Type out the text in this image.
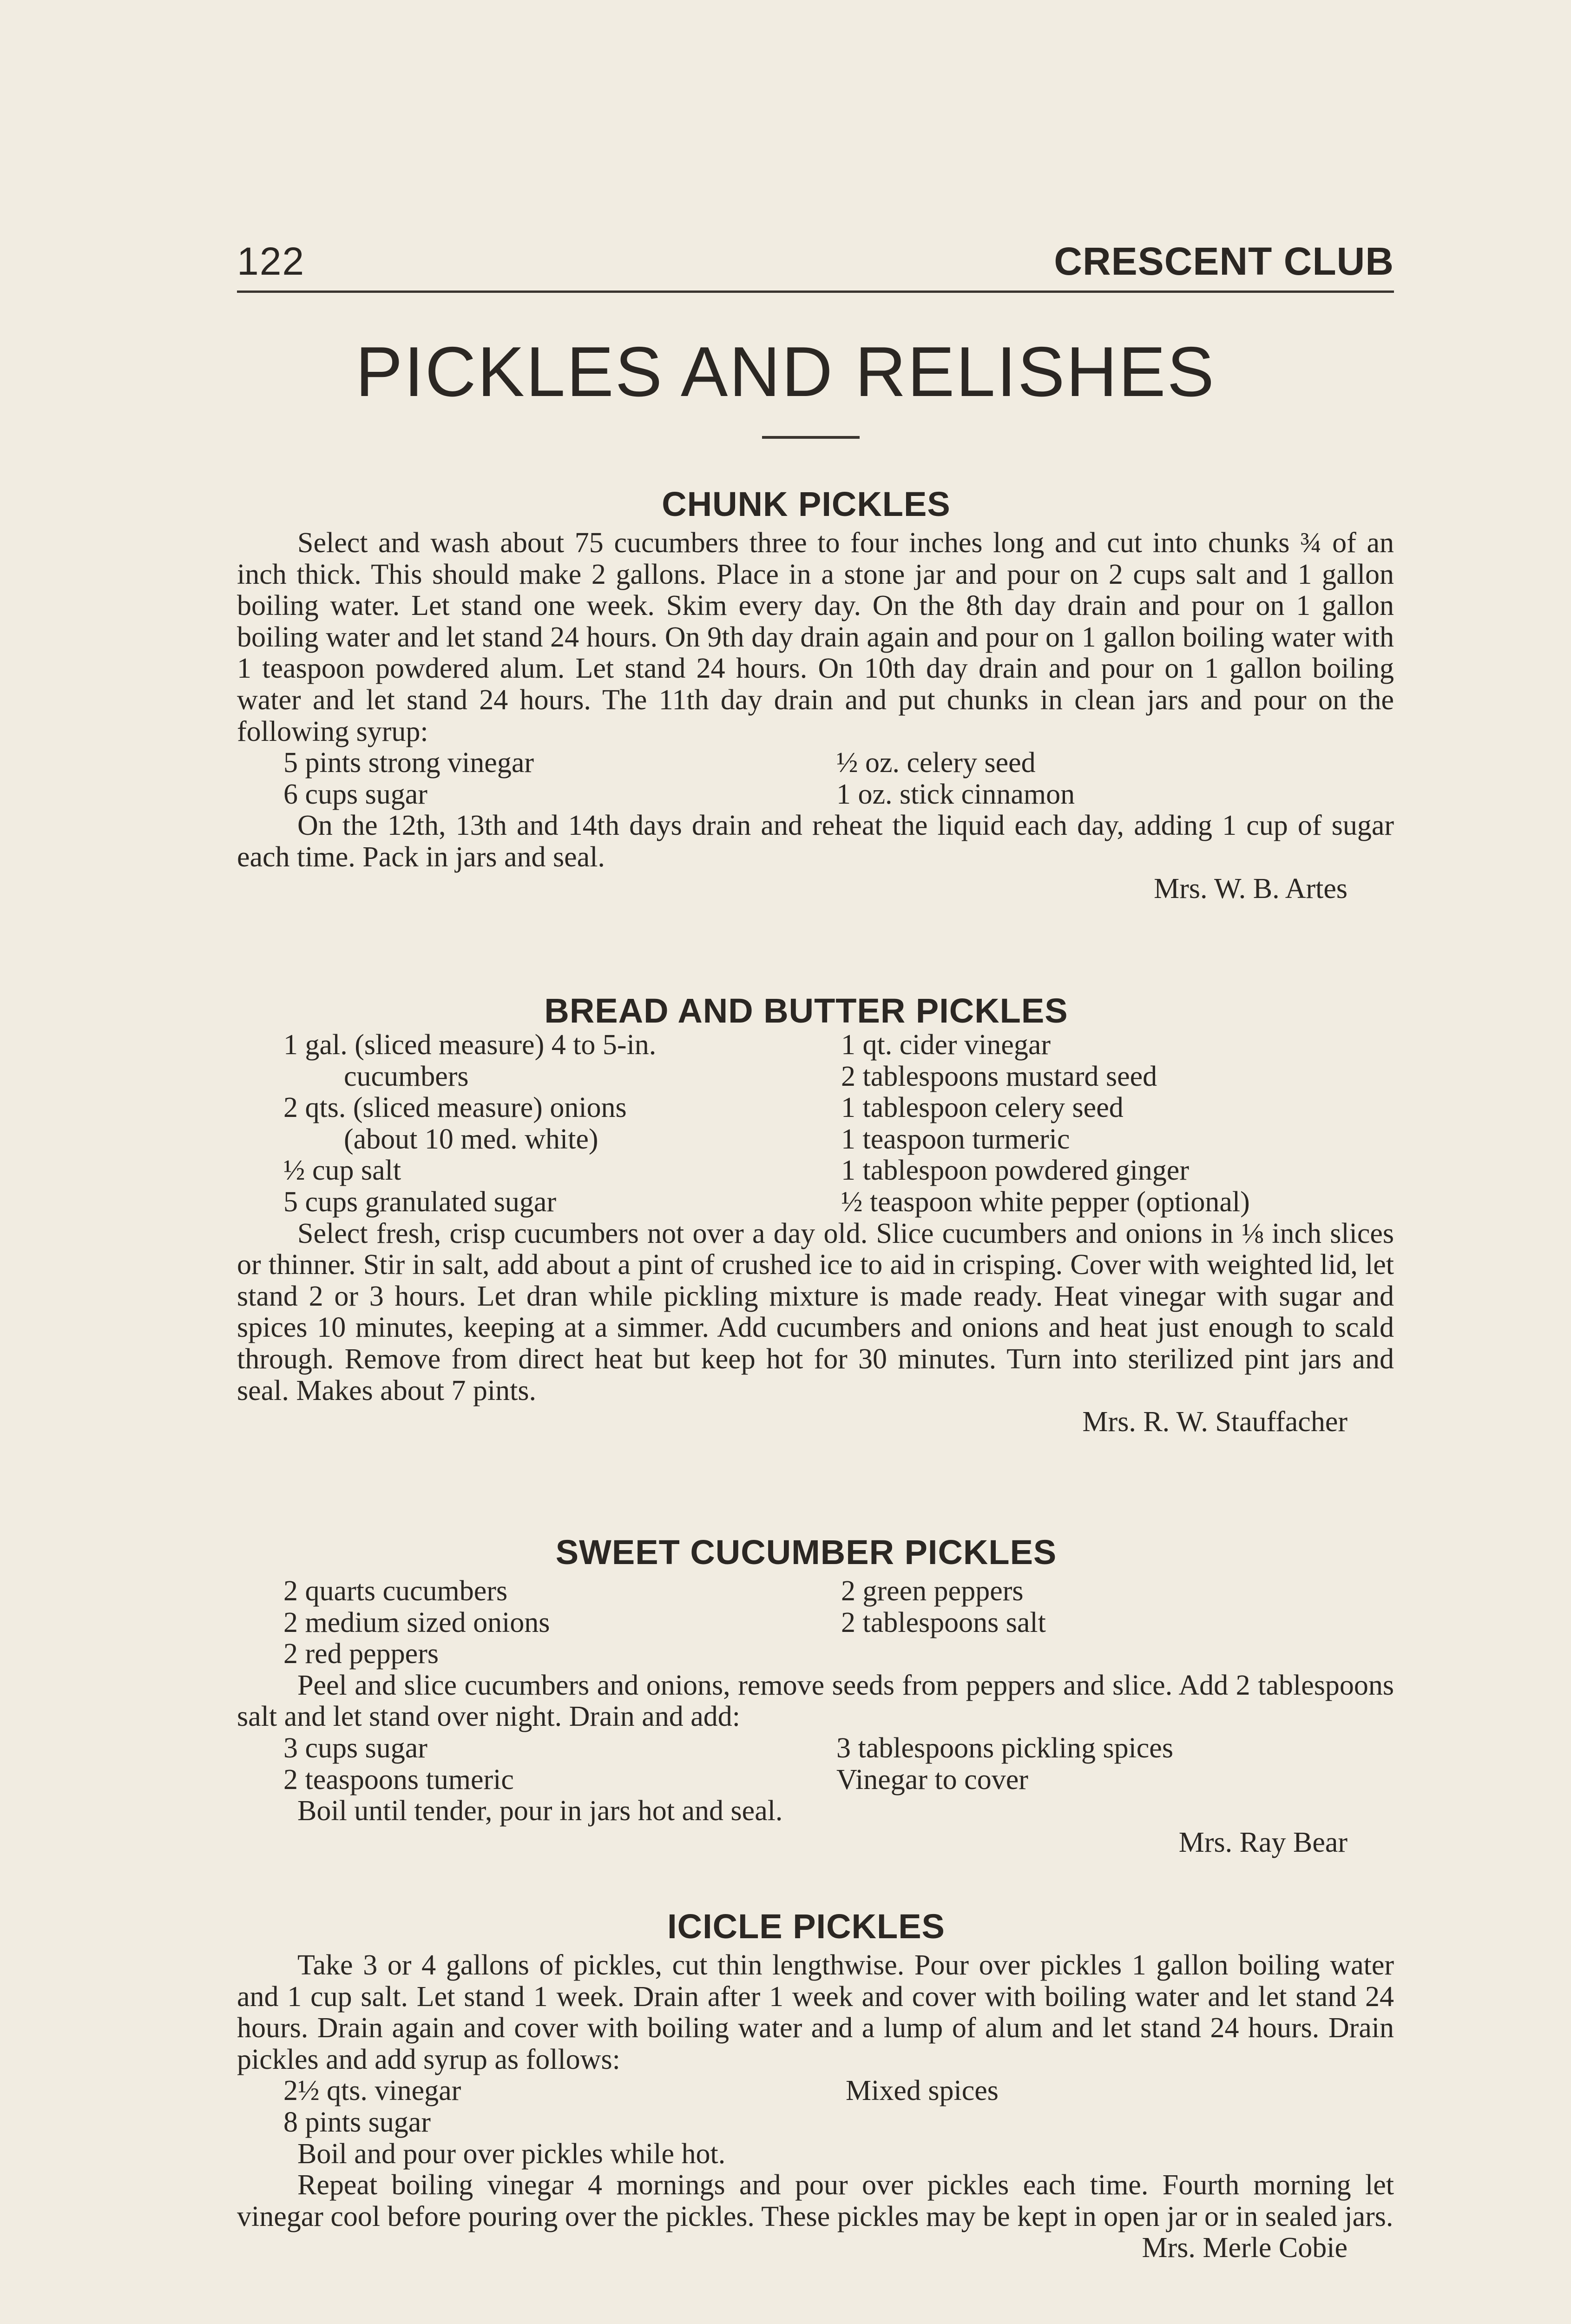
122	CRESCENT CLUB
PICKLES AND RELISHES
CHUNK PICKLES

Select and wash about 75 cucumbers three to four inches long and cut into chunks ¾ of an inch thick. This should make 2 gallons. Place in a stone jar and pour on 2 cups salt and 1 gallon boiling water. Let stand one week. Skim every day. On the 8th day drain and pour on 1 gallon boiling water and let stand 24 hours. On 9th day drain again and pour on 1 gallon boiling water with 1 teaspoon powdered alum. Let stand 24 hours. On 10th day drain and pour on 1 gallon boiling water and let stand 24 hours. The 11th day drain and put chunks in clean jars and pour on the following syrup:

5 pints strong vinegar
6 cups sugar
½ oz. celery seed
1 oz. stick cinnamon

On the 12th, 13th and 14th days drain and reheat the liquid each day, adding 1 cup of sugar each time. Pack in jars and seal.

Mrs. W. B. Artes
BREAD AND BUTTER PICKLES
1 gal. (sliced measure) 4 to 5-in.
cucumbers
2 qts. (sliced measure) onions
(about 10 med. white)
½ cup salt
5 cups granulated sugar
1 qt. cider vinegar
2 tablespoons mustard seed
1 tablespoon celery seed
1 teaspoon turmeric
1 tablespoon powdered ginger
½ teaspoon white pepper (optional)

Select fresh, crisp cucumbers not over a day old. Slice cucumbers and onions in ⅛ inch slices or thinner. Stir in salt, add about a pint of crushed ice to aid in crisping. Cover with weighted lid, let stand 2 or 3 hours. Let dran while pickling mixture is made ready. Heat vinegar with sugar and spices 10 minutes, keeping at a simmer. Add cucumbers and onions and heat just enough to scald through. Remove from direct heat but keep hot for 30 minutes. Turn into sterilized pint jars and seal. Makes about 7 pints.

Mrs. R. W. Stauffacher
SWEET CUCUMBER PICKLES
2 quarts cucumbers
2 medium sized onions
2 red peppers
2 green peppers
2 tablespoons salt

Peel and slice cucumbers and onions, remove seeds from peppers and slice. Add 2 tablespoons salt and let stand over night. Drain and add:

3 cups sugar
2 teaspoons tumeric
3 tablespoons pickling spices
Vinegar to cover
Boil until tender, pour in jars hot and seal.
Mrs. Ray Bear
ICICLE PICKLES

Take 3 or 4 gallons of pickles, cut thin lengthwise. Pour over pickles 1 gallon boiling water and 1 cup salt. Let stand 1 week. Drain after 1 week and cover with boiling water and let stand 24 hours. Drain again and cover with boiling water and a lump of alum and let stand 24 hours. Drain pickles and add syrup as follows:

2½ qts. vinegar
8 pints sugar
Mixed spices
Boil and pour over pickles while hot.

Repeat boiling vinegar 4 mornings and pour over pickles each time. Fourth morning let vinegar cool before pouring over the pickles. These pickles may be kept in open jar or in sealed jars.

Mrs. Merle Cobie
